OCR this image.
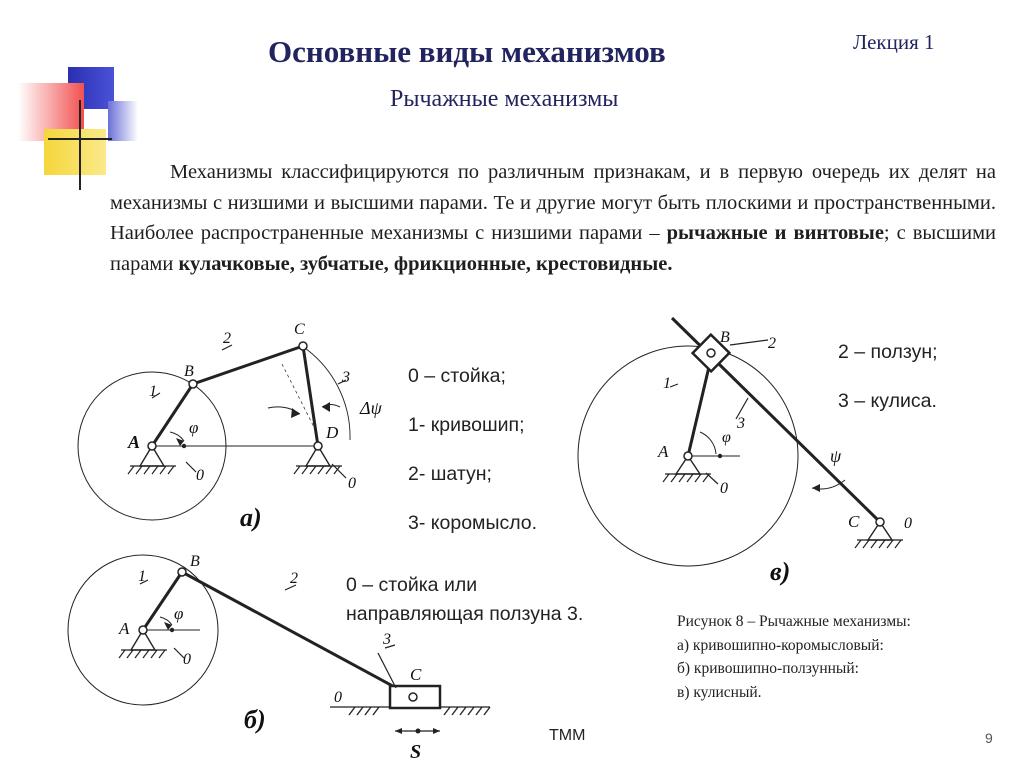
Основные виды механизмов
Рычажные механизмы
Лекция 1
Механизмы классифицируются по различным признакам, и в первую очередь их делят на механизмы с низшими и высшими парами. Те и другие могут быть плоскими и пространственными. Наиболее распространенные механизмы с низшими парами – рычажные и винтовые; с высшими парами кулачковые, зубчатые, фрикционные, крестовидные.
A
B
C
D
1
2
3
0	0
φ
Δψ
а)
A
B
C
1	2
3
0
0
φ
S
б)
A
B
C
1
2
3
0
0
φ
ψ
в)
0 – стойка;
1- кривошип;
2- шатун;
3- коромысло.
2 – ползун;
3 – кулиса.
0 – стойка или
направляющая ползуна 3.	Рисунок 8 – Рычажные механизмы:
а) кривошипно-коромысловый:
б) кривошипно-ползунный:
в) кулисный.
ТММ	9
